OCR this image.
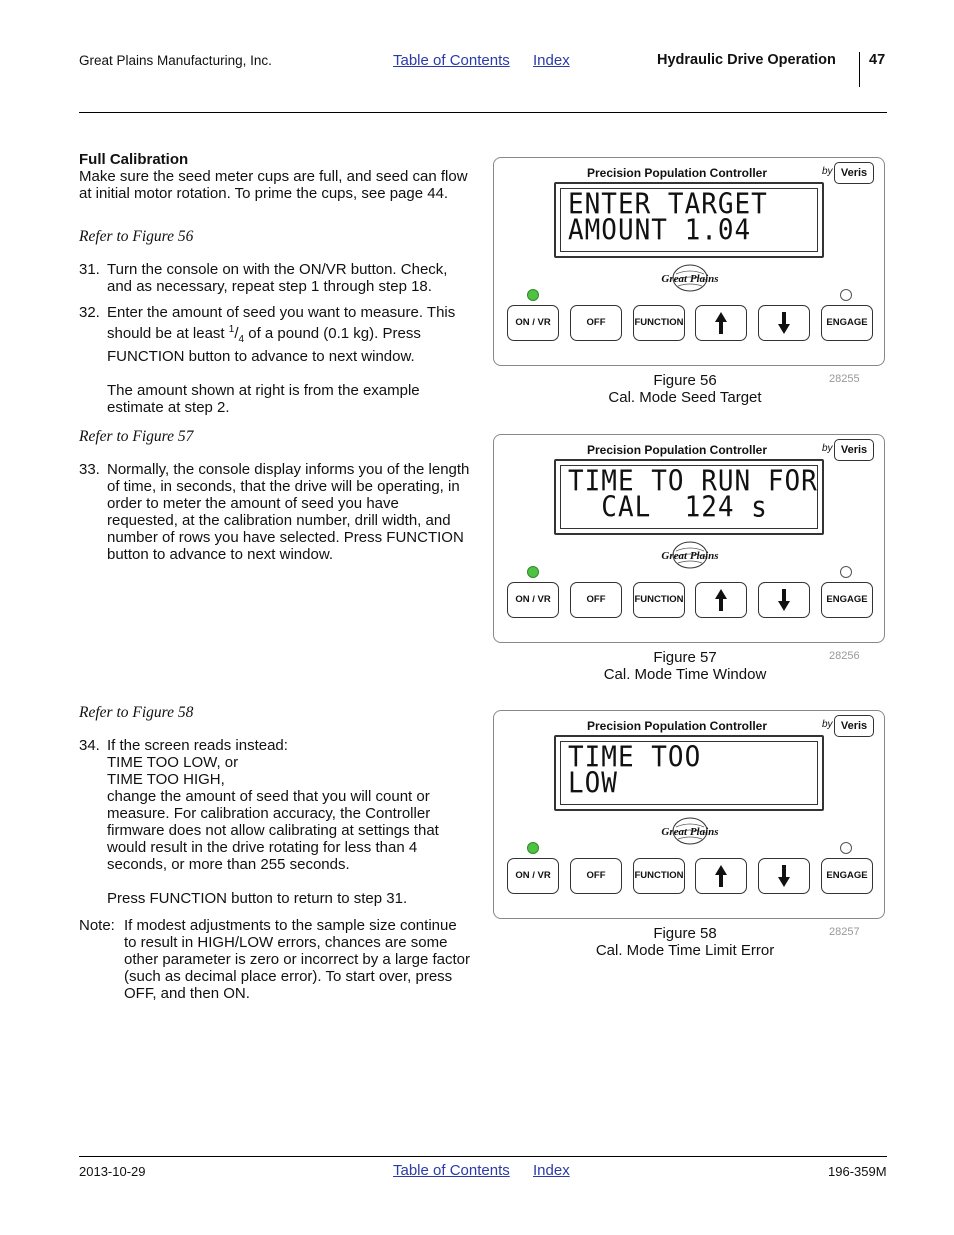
Great Plains Manufacturing, Inc.	Table of Contents Index	Hydraulic Drive Operation 47
Full Calibration
Make sure the seed meter cups are full, and seed can flow at initial motor rotation. To prime the cups, see page 44.
Refer to Figure 56
31. Turn the console on with the ON/VR button. Check, and as necessary, repeat step 1 through step 18.
32. Enter the amount of seed you want to measure. This should be at least $^1/_4$ of a pound (0.1 kg). Press FUNCTION button to advance to next window.
The amount shown at right is from the example estimate at step 2.
Refer to Figure 57
33. Normally, the console display informs you of the length of time, in seconds, that the drive will be operating, in order to meter the amount of seed you have requested, at the calibration number, drill width, and number of rows you have selected. Press FUNCTION button to advance to next window.
Refer to Figure 58
34. If the screen reads instead:
TIME TOO LOW, or
TIME TOO HIGH,
change the amount of seed that you will count or measure. For calibration accuracy, the Controller firmware does not allow calibrating at settings that would result in the drive rotating for less than 4 seconds, or more than 255 seconds.
Press FUNCTION button to return to step 31.
Note: If modest adjustments to the sample size continue to result in HIGH/LOW errors, chances are some other parameter is zero or incorrect by a large factor (such as decimal place error). To start over, press OFF, and then ON.
Precision Population Controller	by Veris
ENTER TARGET
AMOUNT 1.04
Great Plains
ON / VR	OFF	FUNCTION	ENGAGE
Figure 56
Cal. Mode Seed Target
28255
Precision Population Controller	by Veris
TIME TO RUN FOR
CAL  124 s
Great Plains
ON / VR	OFF	FUNCTION	ENGAGE
Figure 57
Cal. Mode Time Window
28256
Precision Population Controller	by Veris
TIME TOO
LOW
Great Plains
ON / VR	OFF	FUNCTION	ENGAGE
Figure 58
Cal. Mode Time Limit Error
28257
2013-10-29	Table of Contents Index	196-359M
